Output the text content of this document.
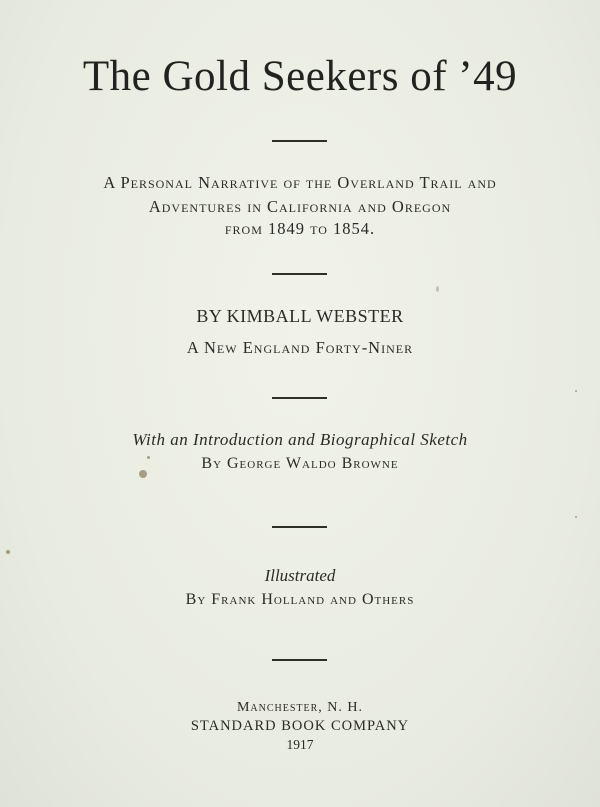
The Gold Seekers of ’49
A Personal Narrative of the Overland Trail and
Adventures in California and Oregon
from 1849 to 1854.
BY KIMBALL WEBSTER
A New England Forty-Niner
With an Introduction and Biographical Sketch
By George Waldo Browne
Illustrated
By Frank Holland and Others
Manchester, N. H.
STANDARD BOOK COMPANY
1917
